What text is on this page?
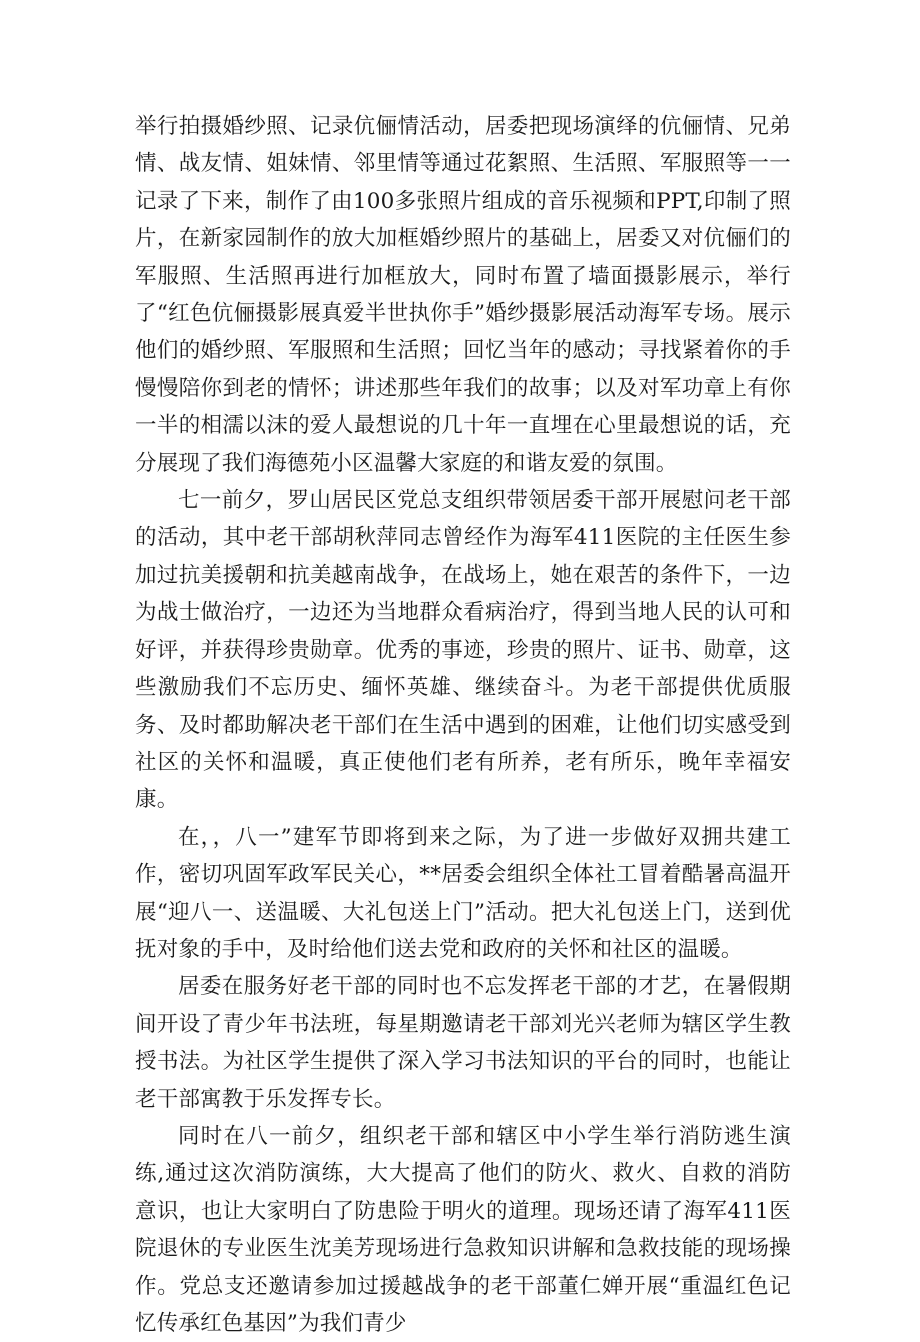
举行拍摄婚纱照、记录伉俪情活动，居委把现场演绎的伉俪情、兄弟情、战友情、姐妹情、邻里情等通过花絮照、生活照、军服照等一一记录了下来，制作了由100多张照片组成的音乐视频和PPT,印制了照片，在新家园制作的放大加框婚纱照片的基础上，居委又对伉俪们的军服照、生活照再进行加框放大，同时布置了墙面摄影展示，举行了“红色伉俪摄影展真爱半世执你手”婚纱摄影展活动海军专场。展示他们的婚纱照、军服照和生活照；回忆当年的感动；寻找紧着你的手慢慢陪你到老的情怀；讲述那些年我们的故事；以及对军功章上有你一半的相濡以沫的爱人最想说的几十年一直埋在心里最想说的话，充分展现了我们海德苑小区温馨大家庭的和谐友爱的氛围。

七一前夕，罗山居民区党总支组织带领居委干部开展慰问老干部的活动，其中老干部胡秋萍同志曾经作为海军411医院的主任医生参加过抗美援朝和抗美越南战争，在战场上，她在艰苦的条件下，一边为战士做治疗，一边还为当地群众看病治疗，得到当地人民的认可和好评，并获得珍贵勋章。优秀的事迹，珍贵的照片、证书、勋章，这些激励我们不忘历史、缅怀英雄、继续奋斗。为老干部提供优质服务、及时都助解决老干部们在生活中遇到的困难，让他们切实感受到社区的关怀和温暖，真正使他们老有所养，老有所乐，晚年幸福安康。

在，，八一”建军节即将到来之际，为了进一步做好双拥共建工作，密切巩固军政军民关心，**居委会组织全体社工冒着酷暑高温开展“迎八一、送温暖、大礼包送上门”活动。把大礼包送上门，送到优抚对象的手中，及时给他们送去党和政府的关怀和社区的温暖。

居委在服务好老干部的同时也不忘发挥老干部的才艺，在暑假期间开设了青少年书法班，每星期邀请老干部刘光兴老师为辖区学生教授书法。为社区学生提供了深入学习书法知识的平台的同时，也能让老干部寓教于乐发挥专长。

同时在八一前夕，组织老干部和辖区中小学生举行消防逃生演练,通过这次消防演练，大大提高了他们的防火、救火、自救的消防意识，也让大家明白了防患险于明火的道理。现场还请了海军411医院退休的专业医生沈美芳现场进行急救知识讲解和急救技能的现场操作。党总支还邀请参加过援越战争的老干部董仁婵开展“重温红色记忆传承红色基因”为我们青少
